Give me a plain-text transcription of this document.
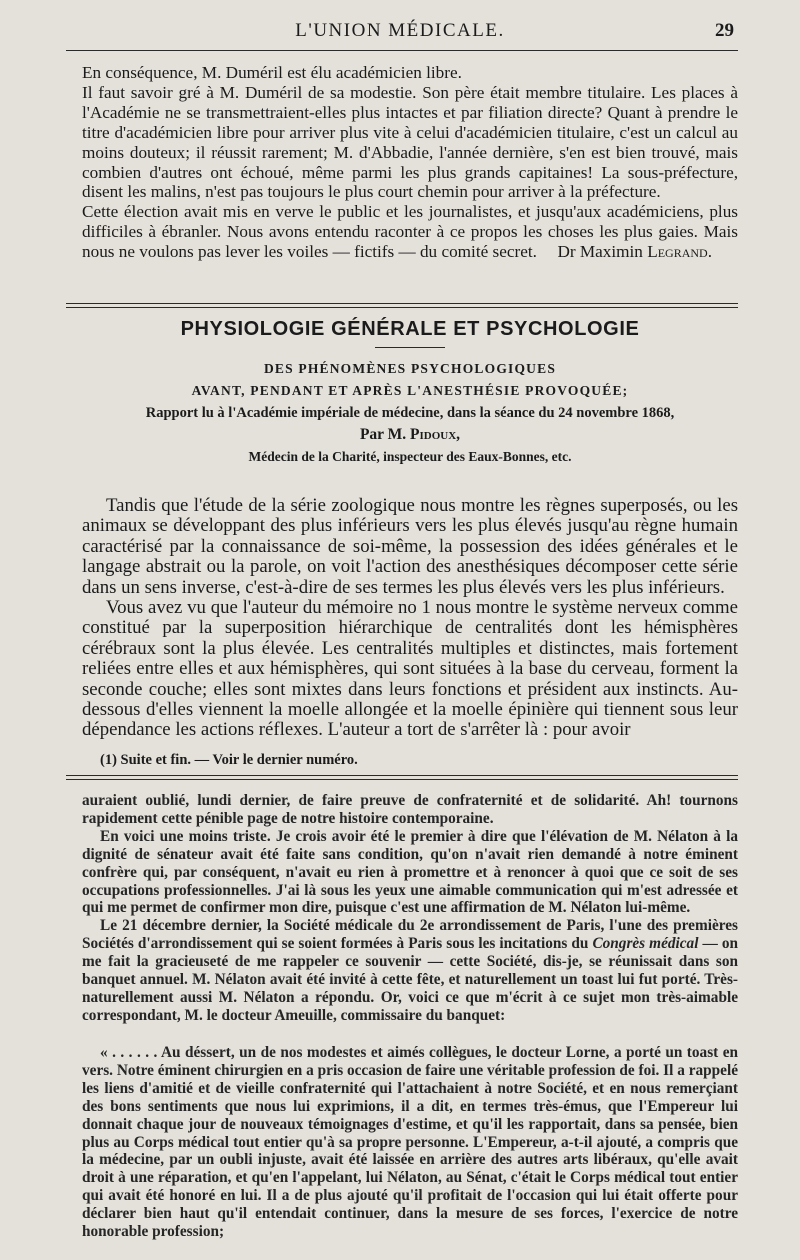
L'UNION MÉDICALE.	29

En conséquence, M. Duméril est élu académicien libre.

Il faut savoir gré à M. Duméril de sa modestie. Son père était membre titulaire. Les places à l'Académie ne se transmettraient-elles plus intactes et par filiation directe? Quant à prendre le titre d'académicien libre pour arriver plus vite à celui d'académicien titulaire, c'est un calcul au moins douteux; il réussit rarement; M. d'Abbadie, l'année dernière, s'en est bien trouvé, mais combien d'autres ont échoué, même parmi les plus grands capitaines! La sous-préfecture, disent les malins, n'est pas toujours le plus court chemin pour arriver à la préfecture.

Cette élection avait mis en verve le public et les journalistes, et jusqu'aux académiciens, plus difficiles à ébranler. Nous avons entendu raconter à ce propos les choses les plus gaies. Mais nous ne voulons pas lever les voiles — fictifs — du comité secret.	Dr Maximin Legrand.
PHYSIOLOGIE GÉNÉRALE ET PSYCHOLOGIE
DES PHÉNOMÈNES PSYCHOLOGIQUES
AVANT, PENDANT ET APRÈS L'ANESTHÉSIE PROVOQUÉE;
Rapport lu à l'Académie impériale de médecine, dans la séance du 24 novembre 1868,
Par M. Pidoux,
Médecin de la Charité, inspecteur des Eaux-Bonnes, etc.

Tandis que l'étude de la série zoologique nous montre les règnes superposés, ou les animaux se développant des plus inférieurs vers les plus élevés jusqu'au règne humain caractérisé par la connaissance de soi-même, la possession des idées générales et le langage abstrait ou la parole, on voit l'action des anesthésiques décomposer cette série dans un sens inverse, c'est-à-dire de ses termes les plus élevés vers les plus inférieurs.

Vous avez vu que l'auteur du mémoire no 1 nous montre le système nerveux comme constitué par la superposition hiérarchique de centralités dont les hémisphères cérébraux sont la plus élevée. Les centralités multiples et distinctes, mais fortement reliées entre elles et aux hémisphères, qui sont situées à la base du cerveau, forment la seconde couche; elles sont mixtes dans leurs fonctions et président aux instincts. Au-dessous d'elles viennent la moelle allongée et la moelle épinière qui tiennent sous leur dépendance les actions réflexes. L'auteur a tort de s'arrêter là : pour avoir

(1) Suite et fin. — Voir le dernier numéro.

auraient oublié, lundi dernier, de faire preuve de confraternité et de solidarité. Ah! tournons rapidement cette pénible page de notre histoire contemporaine.

En voici une moins triste. Je crois avoir été le premier à dire que l'élévation de M. Nélaton à la dignité de sénateur avait été faite sans condition, qu'on n'avait rien demandé à notre éminent confrère qui, par conséquent, n'avait eu rien à promettre et à renoncer à quoi que ce soit de ses occupations professionnelles. J'ai là sous les yeux une aimable communication qui m'est adressée et qui me permet de confirmer mon dire, puisque c'est une affirmation de M. Nélaton lui-même.

Le 21 décembre dernier, la Société médicale du 2e arrondissement de Paris, l'une des premières Sociétés d'arrondissement qui se soient formées à Paris sous les incitations du Congrès médical — on me fait la gracieuseté de me rappeler ce souvenir — cette Société, dis-je, se réunissait dans son banquet annuel. M. Nélaton avait été invité à cette fête, et naturellement un toast lui fut porté. Très-naturellement aussi M. Nélaton a répondu. Or, voici ce que m'écrit à ce sujet mon très-aimable correspondant, M. le docteur Ameuille, commissaire du banquet:

« . . . . . . Au déssert, un de nos modestes et aimés collègues, le docteur Lorne, a porté un toast en vers. Notre éminent chirurgien en a pris occasion de faire une véritable profession de foi. Il a rappelé les liens d'amitié et de vieille confraternité qui l'attachaient à notre Société, et en nous remerçiant des bons sentiments que nous lui exprimions, il a dit, en termes très-émus, que l'Empereur lui donnait chaque jour de nouveaux témoignages d'estime, et qu'il les rapportait, dans sa pensée, bien plus au Corps médical tout entier qu'à sa propre personne. L'Empereur, a-t-il ajouté, a compris que la médecine, par un oubli injuste, avait été laissée en arrière des autres arts libéraux, qu'elle avait droit à une réparation, et qu'en l'appelant, lui Nélaton, au Sénat, c'était le Corps médical tout entier qui avait été honoré en lui. Il a de plus ajouté qu'il profitait de l'occasion qui lui était offerte pour déclarer bien haut qu'il entendait continuer, dans la mesure de ses forces, l'exercice de notre honorable profession;
